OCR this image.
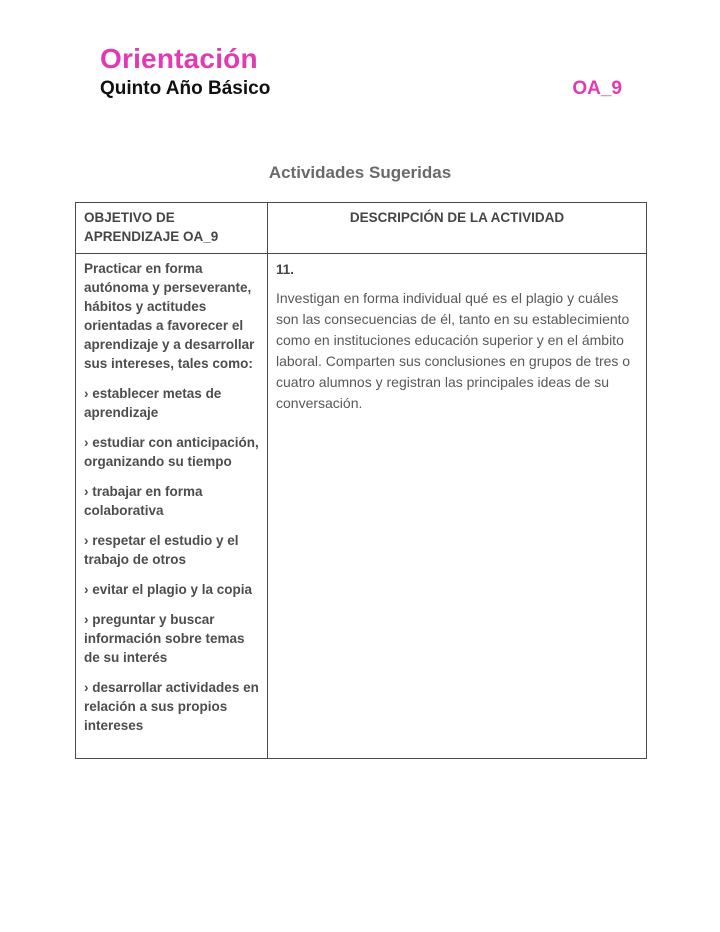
Orientación
Quinto Año Básico	OA_9
Actividades Sugeridas
OBJETIVO DE APRENDIZAJE OA_9	DESCRIPCIÓN DE LA ACTIVIDAD

Practicar en forma autónoma y perseverante, hábitos y actitudes orientadas a favorecer el aprendizaje y a desarrollar sus intereses, tales como:
› establecer metas de aprendizaje
› estudiar con anticipación, organizando su tiempo
› trabajar en forma colaborativa
› respetar el estudio y el trabajo de otros
› evitar el plagio y la copia
› preguntar y buscar información sobre temas de su interés
› desarrollar actividades en relación a sus propios intereses

11.
Investigan en forma individual qué es el plagio y cuáles son las consecuencias de él, tanto en su establecimiento como en instituciones educación superior y en el ámbito laboral. Comparten sus conclusiones en grupos de tres o cuatro alumnos y registran las principales ideas de su conversación.
